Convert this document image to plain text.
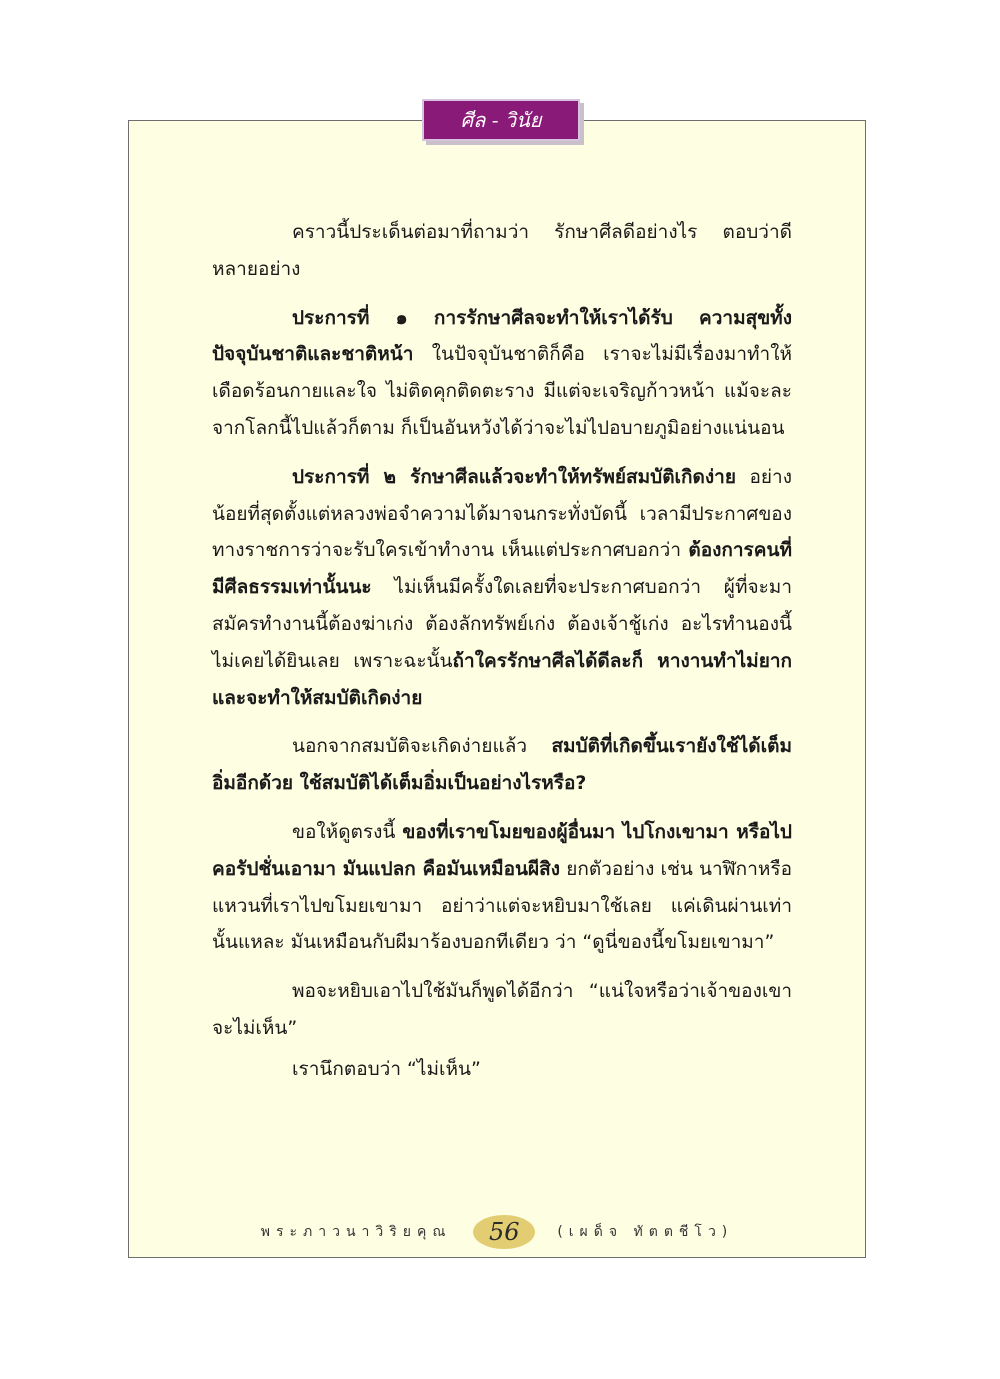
ศีล - วินัย

คราวนี้ประเด็นต่อมาที่ถามว่า รักษาศีลดีอย่างไร ตอบว่าดีหลายอย่าง

ประการที่ ๑ การรักษาศีลจะทำให้เราได้รับ ความสุขทั้งปัจจุบันชาติและชาติหน้า ในปัจจุบันชาติก็คือ เราจะไม่มีเรื่องมาทำให้เดือดร้อนกายและใจ ไม่ติดคุกติดตะราง มีแต่จะเจริญก้าวหน้า แม้จะละจากโลกนี้ไปแล้วก็ตาม ก็เป็นอันหวังได้ว่าจะไม่ไปอบายภูมิอย่างแน่นอน

ประการที่ ๒ รักษาศีลแล้วจะทำให้ทรัพย์สมบัติเกิดง่าย อย่างน้อยที่สุดตั้งแต่หลวงพ่อจำความได้มาจนกระทั่งบัดนี้ เวลามีประกาศของทางราชการว่าจะรับใครเข้าทำงาน เห็นแต่ประกาศบอกว่า ต้องการคนที่มีศีลธรรมเท่านั้นนะ ไม่เห็นมีครั้งใดเลยที่จะประกาศบอกว่า ผู้ที่จะมาสมัครทำงานนี้ต้องฆ่าเก่ง ต้องลักทรัพย์เก่ง ต้องเจ้าชู้เก่ง อะไรทำนองนี้ ไม่เคยได้ยินเลย เพราะฉะนั้นถ้าใครรักษาศีลได้ดีละก็ หางานทำไม่ยาก และจะทำให้สมบัติเกิดง่าย

นอกจากสมบัติจะเกิดง่ายแล้ว สมบัติที่เกิดขึ้นเรายังใช้ได้เต็มอิ่มอีกด้วย ใช้สมบัติได้เต็มอิ่มเป็นอย่างไรหรือ?

ขอให้ดูตรงนี้ ของที่เราขโมยของผู้อื่นมา ไปโกงเขามา หรือไปคอรัปชั่นเอามา มันแปลก คือมันเหมือนผีสิง ยกตัวอย่าง เช่น นาฬิกาหรือแหวนที่เราไปขโมยเขามา อย่าว่าแต่จะหยิบมาใช้เลย แค่เดินผ่านเท่า นั้นแหละ มันเหมือนกับผีมาร้องบอกทีเดียว ว่า “ดูนี่ของนี้ขโมยเขามา”

พอจะหยิบเอาไปใช้มันก็พูดได้อีกว่า “แน่ใจหรือว่าเจ้าของเขาจะไม่เห็น”

เรานึกตอบว่า “ไม่เห็น”

พระภาวนาวิริยคุณ	56	(เผด็จ ทัตตชีโว)
